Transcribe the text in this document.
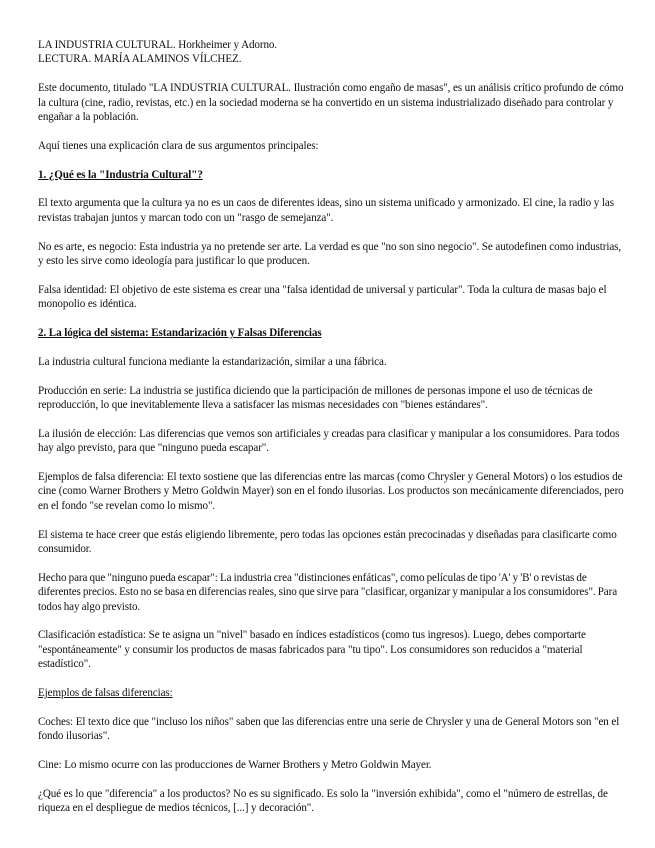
LA INDUSTRIA CULTURAL. Horkheimer y Adorno.

LECTURA. MARÍA ALAMINOS VÍLCHEZ.

Este documento, titulado "LA INDUSTRIA CULTURAL. Ilustración como engaño de masas", es un análisis crítico profundo de cómo la cultura (cine, radio, revistas, etc.) en la sociedad moderna se ha convertido en un sistema industrializado diseñado para controlar y engañar a la población.

Aquí tienes una explicación clara de sus argumentos principales:

1. ¿Qué es la "Industria Cultural"?

El texto argumenta que la cultura ya no es un caos de diferentes ideas, sino un sistema unificado y armonizado. El cine, la radio y las revistas trabajan juntos y marcan todo con un "rasgo de semejanza".

No es arte, es negocio: Esta industria ya no pretende ser arte. La verdad es que "no son sino negocio". Se autodefinen como industrias, y esto les sirve como ideología para justificar lo que producen.

Falsa identidad: El objetivo de este sistema es crear una "falsa identidad de universal y particular". Toda la cultura de masas bajo el monopolio es idéntica.

2. La lógica del sistema: Estandarización y Falsas Diferencias

La industria cultural funciona mediante la estandarización, similar a una fábrica.

Producción en serie: La industria se justifica diciendo que la participación de millones de personas impone el uso de técnicas de reproducción, lo que inevitablemente lleva a satisfacer las mismas necesidades con "bienes estándares".

La ilusión de elección: Las diferencias que vemos son artificiales y creadas para clasificar y manipular a los consumidores. Para todos hay algo previsto, para que "ninguno pueda escapar".

Ejemplos de falsa diferencia: El texto sostiene que las diferencias entre las marcas (como Chrysler y General Motors) o los estudios de cine (como Warner Brothers y Metro Goldwin Mayer) son en el fondo ilusorias. Los productos son mecánicamente diferenciados, pero en el fondo "se revelan como lo mismo".

El sistema te hace creer que estás eligiendo libremente, pero todas las opciones están precocinadas y diseñadas para clasificarte como consumidor.

Hecho para que "ninguno pueda escapar": La industria crea "distinciones enfáticas", como películas de tipo 'A' y 'B' o revistas de diferentes precios. Esto no se basa en diferencias reales, sino que sirve para "clasificar, organizar y manipular a los consumidores". Para todos hay algo previsto.

Clasificación estadística: Se te asigna un "nivel" basado en índices estadísticos (como tus ingresos). Luego, debes comportarte "espontáneamente" y consumir los productos de masas fabricados para "tu tipo". Los consumidores son reducidos a "material estadístico".

Ejemplos de falsas diferencias:

Coches: El texto dice que "incluso los niños" saben que las diferencias entre una serie de Chrysler y una de General Motors son "en el fondo ilusorias".

Cine: Lo mismo ocurre con las producciones de Warner Brothers y Metro Goldwin Mayer.

¿Qué es lo que "diferencia" a los productos? No es su significado. Es solo la "inversión exhibida", como el "número de estrellas, de riqueza en el despliegue de medios técnicos, [...] y decoración".
